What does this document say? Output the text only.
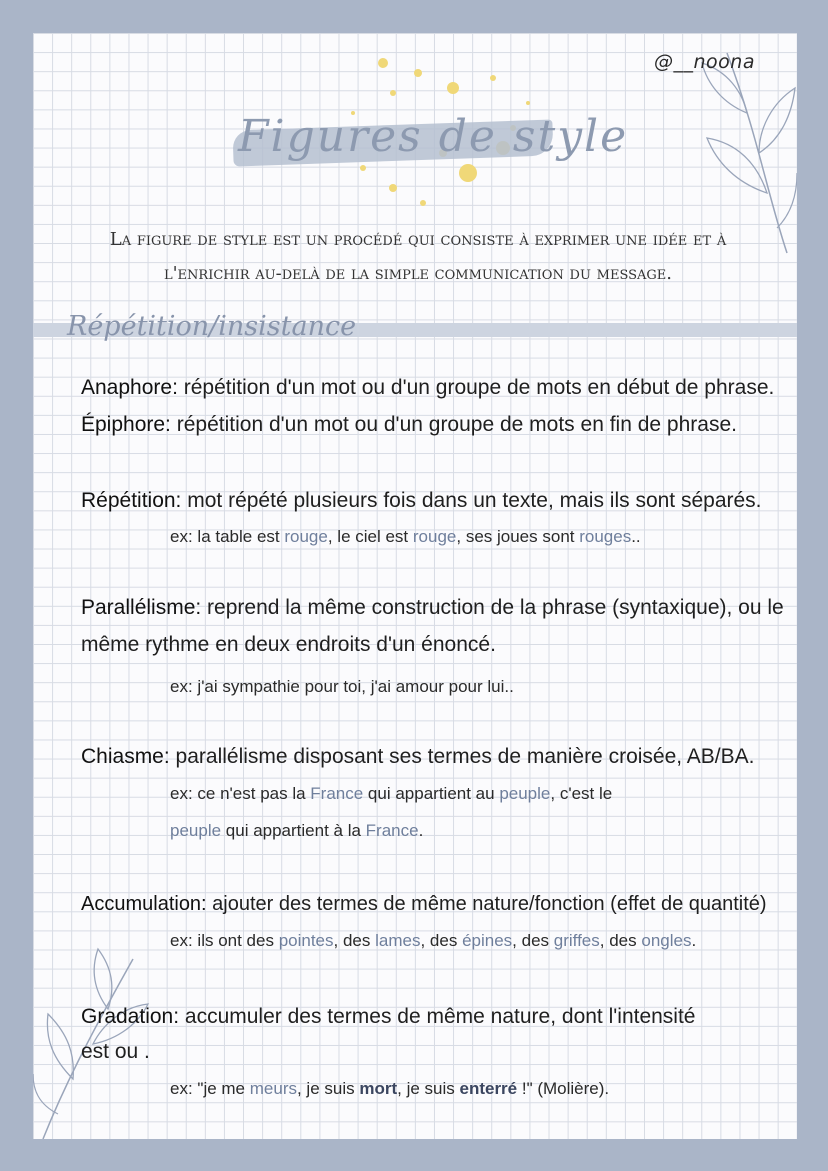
@__noona
Figures de style
La figure de style est un procédé qui consiste à exprimer une idée et à
l'enrichir au-delà de la simple communication du message.
Répétition/insistance
Anaphore: répétition d'un mot ou d'un groupe de mots en début de phrase.
Épiphore: répétition d'un mot ou d'un groupe de mots en fin de phrase.
Répétition: mot répété plusieurs fois dans un texte, mais ils sont séparés.
ex: la table est rouge, le ciel est rouge, ses joues sont rouges..
Parallélisme: reprend la même construction de la phrase (syntaxique), ou le
même rythme en deux endroits d'un énoncé.
ex: j'ai sympathie pour toi, j'ai amour pour lui..
Chiasme: parallélisme disposant ses termes de manière croisée, AB/BA.
ex: ce n'est pas la France qui appartient au peuple, c'est le
peuple qui appartient à la France.
Accumulation: ajouter des termes de même nature/fonction (effet de quantité)
ex: ils ont des pointes, des lames, des épines, des griffes, des ongles.
Gradation: accumuler des termes de même nature, dont l'intensité
est ou .
ex: "je me meurs, je suis mort, je suis enterré !" (Molière).
